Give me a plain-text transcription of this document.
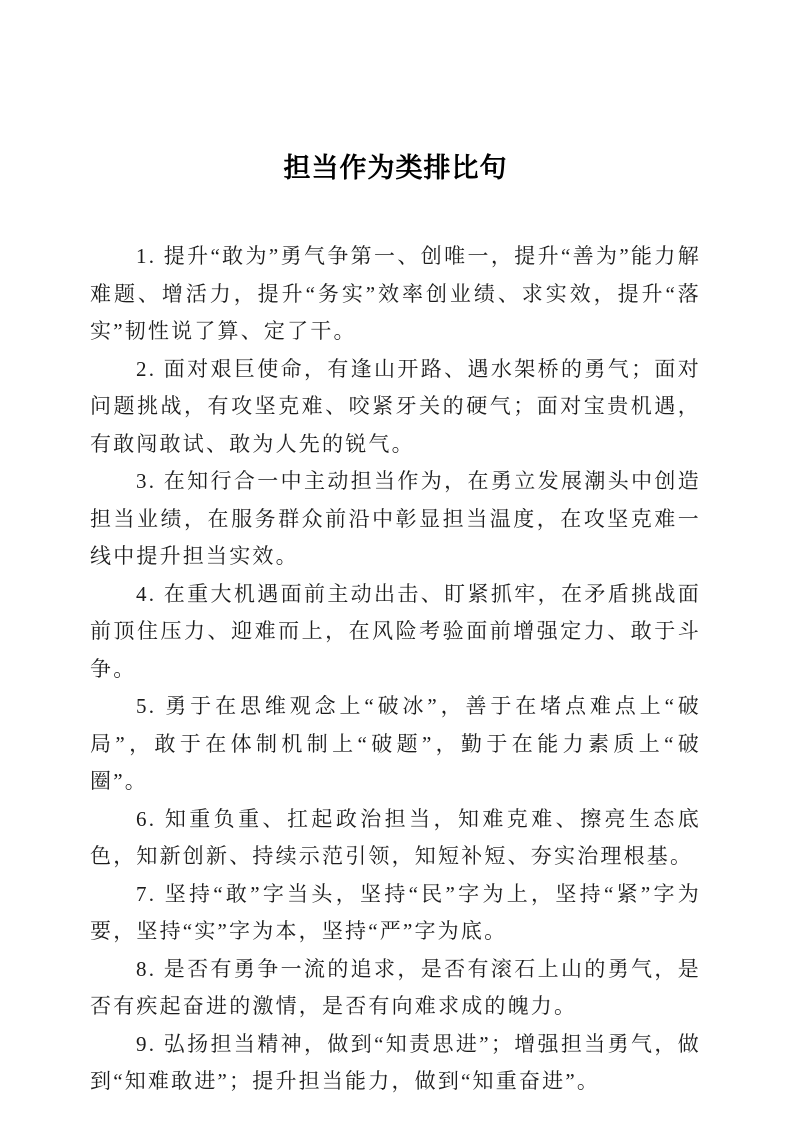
担当作为类排比句

1. 提升“敢为”勇气争第一、创唯一，提升“善为”能力解难题、增活力，提升“务实”效率创业绩、求实效，提升“落实”韧性说了算、定了干。

2. 面对艰巨使命，有逢山开路、遇水架桥的勇气；面对问题挑战，有攻坚克难、咬紧牙关的硬气；面对宝贵机遇，有敢闯敢试、敢为人先的锐气。

3. 在知行合一中主动担当作为，在勇立发展潮头中创造担当业绩，在服务群众前沿中彰显担当温度，在攻坚克难一线中提升担当实效。

4. 在重大机遇面前主动出击、盯紧抓牢，在矛盾挑战面前顶住压力、迎难而上，在风险考验面前增强定力、敢于斗争。

5. 勇于在思维观念上“破冰”，善于在堵点难点上“破局”，敢于在体制机制上“破题”，勤于在能力素质上“破圈”。

6. 知重负重、扛起政治担当，知难克难、擦亮生态底色，知新创新、持续示范引领，知短补短、夯实治理根基。

7. 坚持“敢”字当头，坚持“民”字为上，坚持“紧”字为要，坚持“实”字为本，坚持“严”字为底。

8. 是否有勇争一流的追求，是否有滚石上山的勇气，是否有疾起奋进的激情，是否有向难求成的魄力。

9. 弘扬担当精神，做到“知责思进”；增强担当勇气，做到“知难敢进”；提升担当能力，做到“知重奋进”。
